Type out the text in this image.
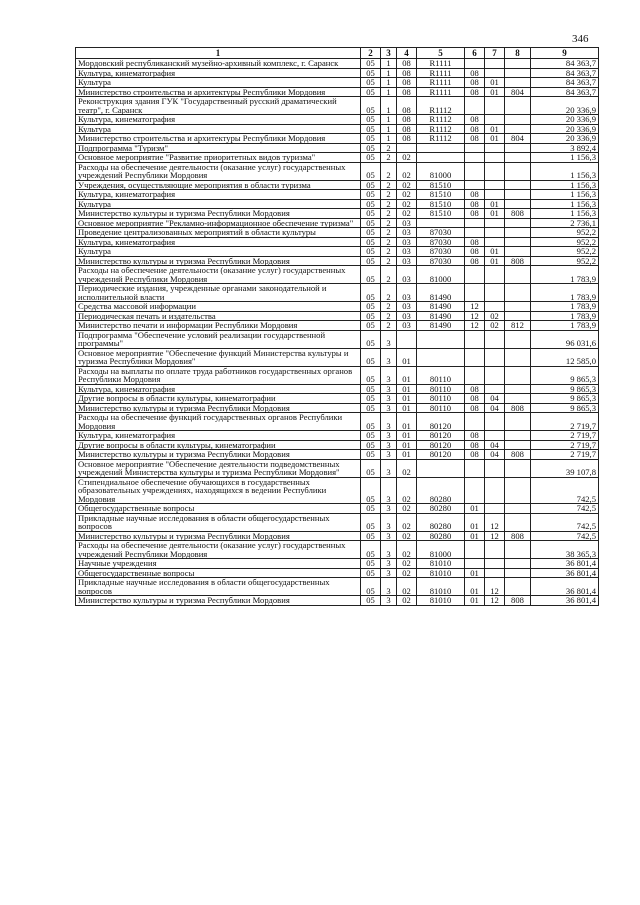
346
1	2	3	4	5	6	7	8	9
Мордовский республиканский музейно-архивный комплекс, г. Саранск	05	1	08	R1111				84 363,7
Культура, кинематография	05	1	08	R1111	08			84 363,7
Культура	05	1	08	R1111	08	01		84 363,7
Министерство строительства и архитектуры Республики Мордовия	05	1	08	R1111	08	01	804	84 363,7
Реконструкция здания ГУК "Государственный русский драматический театр", г. Саранск	05	1	08	R1112				20 336,9
Культура, кинематография	05	1	08	R1112	08			20 336,9
Культура	05	1	08	R1112	08	01		20 336,9
Министерство строительства и архитектуры Республики Мордовия	05	1	08	R1112	08	01	804	20 336,9
Подпрограмма "Туризм"	05	2						3 892,4
Основное мероприятие "Развитие приоритетных видов туризма"	05	2	02					1 156,3
Расходы на обеспечение деятельности (оказание услуг) государственных учреждений Республики Мордовия	05	2	02	81000				1 156,3
Учреждения, осуществляющие мероприятия в области туризма	05	2	02	81510				1 156,3
Культура, кинематография	05	2	02	81510	08			1 156,3
Культура	05	2	02	81510	08	01		1 156,3
Министерство культуры и туризма Республики Мордовия	05	2	02	81510	08	01	808	1 156,3
Основное мероприятие "Рекламно-информационное обеспечение туризма"	05	2	03					2 736,1
Проведение централизованных мероприятий в области культуры	05	2	03	87030				952,2
Культура, кинематография	05	2	03	87030	08			952,2
Культура	05	2	03	87030	08	01		952,2
Министерство культуры и туризма Республики Мордовия	05	2	03	87030	08	01	808	952,2
Расходы на обеспечение деятельности (оказание услуг) государственных учреждений Республики Мордовия	05	2	03	81000				1 783,9
Периодические издания, учрежденные органами законодательной и исполнительной власти	05	2	03	81490				1 783,9
Средства массовой информации	05	2	03	81490	12			1 783,9
Периодическая печать и издательства	05	2	03	81490	12	02		1 783,9
Министерство печати и информации Республики Мордовия	05	2	03	81490	12	02	812	1 783,9
Подпрограмма "Обеспечение условий реализации государственной программы"	05	3						96 031,6
Основное мероприятие "Обеспечение функций Министерства культуры и туризма Республики Мордовия"	05	3	01					12 585,0
Расходы на выплаты по оплате труда работников государственных органов Республики Мордовия	05	3	01	80110				9 865,3
Культура, кинематография	05	3	01	80110	08			9 865,3
Другие вопросы в области культуры, кинематографии	05	3	01	80110	08	04		9 865,3
Министерство культуры и туризма Республики Мордовия	05	3	01	80110	08	04	808	9 865,3
Расходы на обеспечение функций государственных органов Республики Мордовия	05	3	01	80120				2 719,7
Культура, кинематография	05	3	01	80120	08			2 719,7
Другие вопросы в области культуры, кинематографии	05	3	01	80120	08	04		2 719,7
Министерство культуры и туризма Республики Мордовия	05	3	01	80120	08	04	808	2 719,7
Основное мероприятие "Обеспечение деятельности подведомственных учреждений Министерства культуры и туризма Республики Мордовия"	05	3	02					39 107,8
Стипендиальное обеспечение обучающихся в государственных образовательных учреждениях, находящихся в ведении Республики Мордовия	05	3	02	80280				742,5
Общегосударственные вопросы	05	3	02	80280	01			742,5
Прикладные научные исследования в области общегосударственных вопросов	05	3	02	80280	01	12		742,5
Министерство культуры и туризма Республики Мордовия	05	3	02	80280	01	12	808	742,5
Расходы на обеспечение деятельности (оказание услуг) государственных учреждений Республики Мордовия	05	3	02	81000				38 365,3
Научные учреждения	05	3	02	81010				36 801,4
Общегосударственные вопросы	05	3	02	81010	01			36 801,4
Прикладные научные исследования в области общегосударственных вопросов	05	3	02	81010	01	12		36 801,4
Министерство культуры и туризма Республики Мордовия	05	3	02	81010	01	12	808	36 801,4
